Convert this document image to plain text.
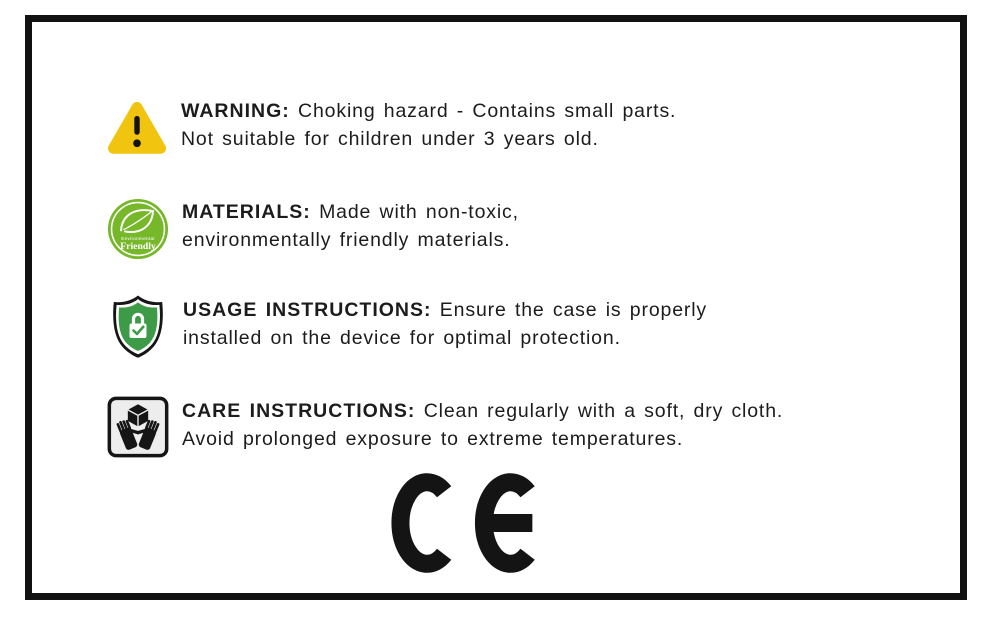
WARNING: Choking hazard - Contains small parts.
Not suitable for children under 3 years old.

Environmental
Friendly

MATERIALS: Made with non-toxic,
environmentally friendly materials.

USAGE INSTRUCTIONS: Ensure the case is properly
installed on the device for optimal protection.

CARE INSTRUCTIONS: Clean regularly with a soft, dry cloth.
Avoid prolonged exposure to extreme temperatures.
